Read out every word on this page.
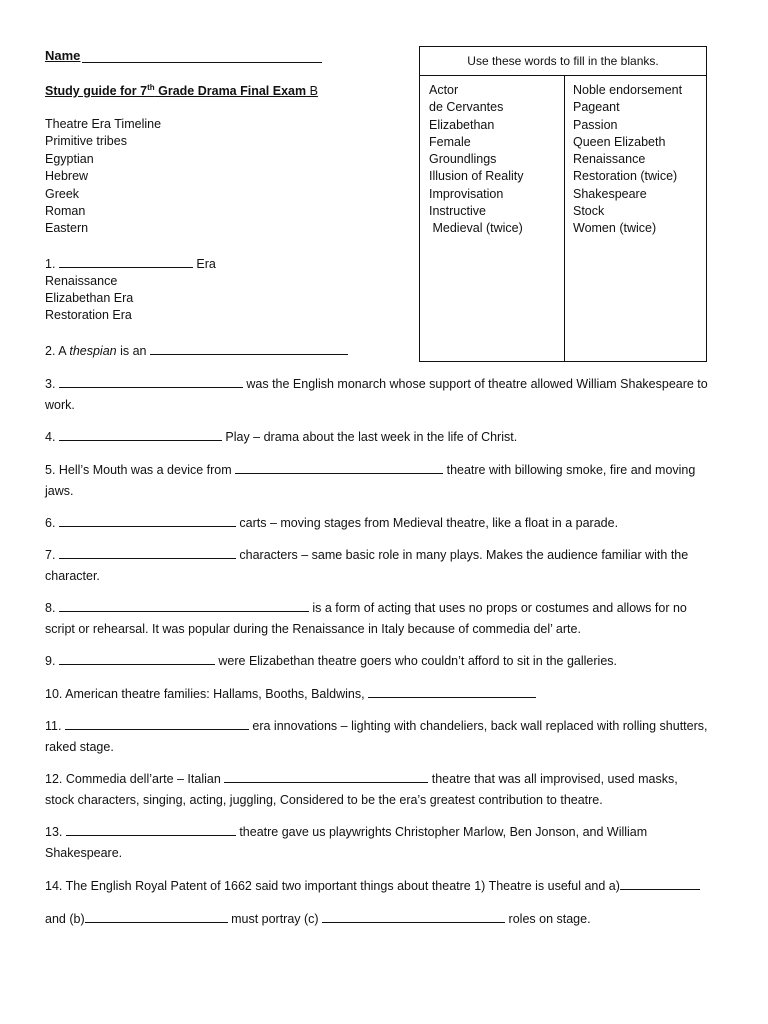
Name
Study guide for 7th Grade Drama Final Exam B
Theatre Era Timeline
Primitive tribes
Egyptian
Hebrew
Greek
Roman
Eastern
1.	Era
Renaissance
Elizabethan Era
Restoration Era
2. A thespian is an
Use these words to fill in the blanks.
Actor
de Cervantes
Elizabethan
Female
Groundlings
Illusion of Reality
Improvisation
Instructive
Medieval (twice)
Noble endorsement
Pageant
Passion
Queen Elizabeth
Renaissance
Restoration (twice)
Shakespeare
Stock
Women (twice)
3.	was the English monarch whose support of theatre allowed William Shakespeare to
work.
4.	Play – drama about the last week in the life of Christ.
5. Hell’s Mouth was a device from	theatre with billowing smoke, fire and moving
jaws.
6.	carts – moving stages from Medieval theatre, like a float in a parade.
7.	characters – same basic role in many plays. Makes the audience familiar with the
character.
8.	is a form of acting that uses no props or costumes and allows for no
script or rehearsal. It was popular during the Renaissance in Italy because of commedia del’ arte.
9.	were Elizabethan theatre goers who couldn’t afford to sit in the galleries.
10. American theatre families: Hallams, Booths, Baldwins,
11.	era innovations – lighting with chandeliers, back wall replaced with rolling shutters,
raked stage.
12. Commedia dell’arte – Italian	theatre that was all improvised, used masks,
stock characters, singing, acting, juggling, Considered to be the era’s greatest contribution to theatre.
13.	theatre gave us playwrights Christopher Marlow, Ben Jonson, and William
Shakespeare.
14. The English Royal Patent of 1662 said two important things about theatre 1) Theatre is useful and a)
and (b)	must portray (c)	roles on stage.
